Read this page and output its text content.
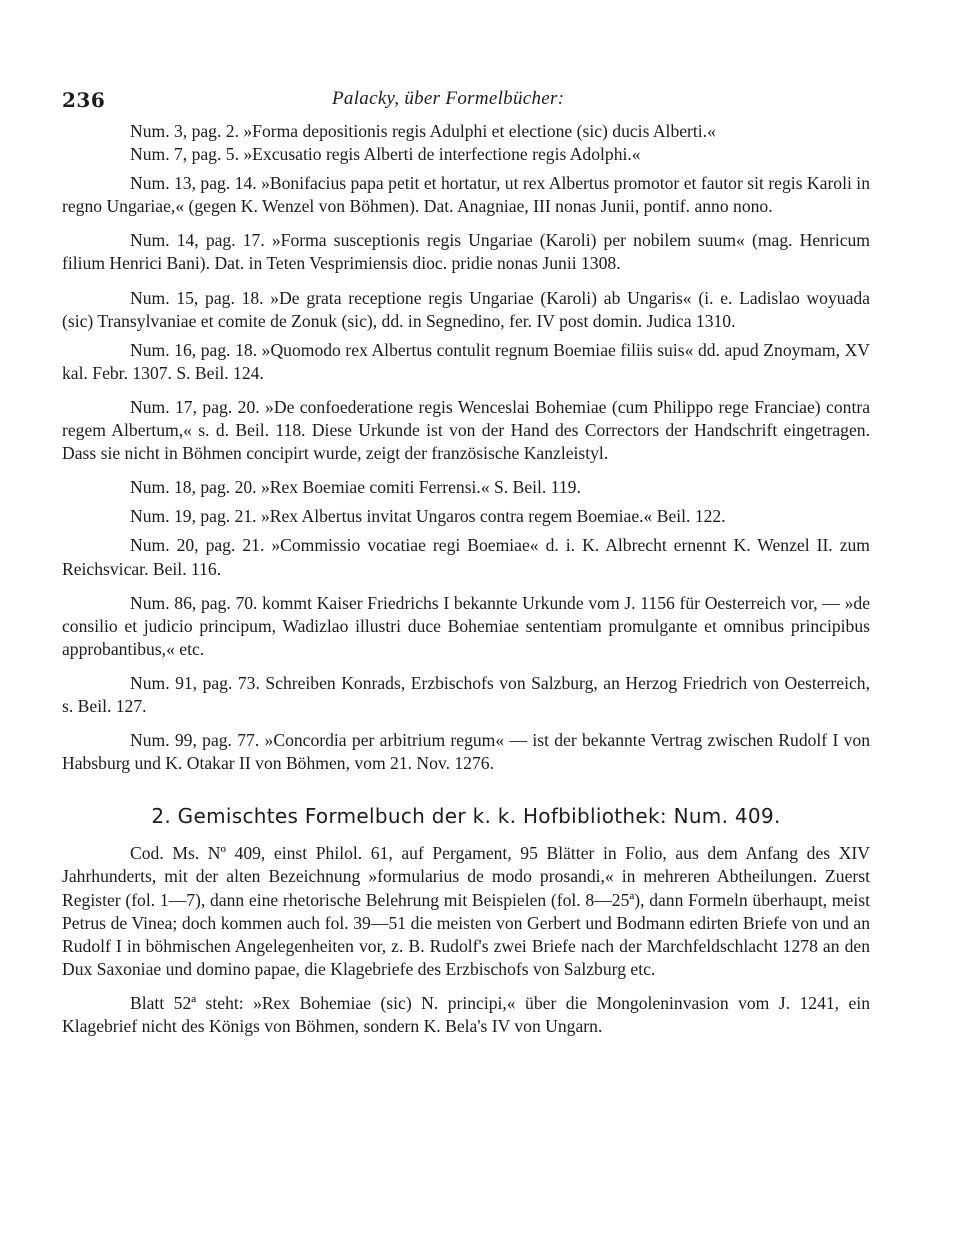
236	Palacky, über Formelbücher:

Num. 3, pag. 2. »Forma depositionis regis Adulphi et electione (sic) ducis Alberti.«

Num. 7, pag. 5. »Excusatio regis Alberti de interfectione regis Adolphi.«

Num. 13, pag. 14. »Bonifacius papa petit et hortatur, ut rex Albertus promotor et fautor sit regis Karoli in regno Ungariae,« (gegen K. Wenzel von Böhmen). Dat. Anagniae, III nonas Junii, pontif. anno nono.

Num. 14, pag. 17. »Forma susceptionis regis Ungariae (Karoli) per nobilem suum« (mag. Henricum filium Henrici Bani). Dat. in Teten Vesprimiensis dioc. pridie nonas Junii 1308.

Num. 15, pag. 18. »De grata receptione regis Ungariae (Karoli) ab Ungaris« (i. e. Ladislao woyuada (sic) Transylvaniae et comite de Zonuk (sic), dd. in Segnedino, fer. IV post domin. Judica 1310.

Num. 16, pag. 18. »Quomodo rex Albertus contulit regnum Boemiae filiis suis« dd. apud Znoymam, XV kal. Febr. 1307. S. Beil. 124.

Num. 17, pag. 20. »De confoederatione regis Wenceslai Bohemiae (cum Philippo rege Franciae) contra regem Albertum,« s. d. Beil. 118. Diese Urkunde ist von der Hand des Correctors der Handschrift eingetragen. Dass sie nicht in Böhmen concipirt wurde, zeigt der französische Kanzleistyl.

Num. 18, pag. 20. »Rex Boemiae comiti Ferrensi.« S. Beil. 119.

Num. 19, pag. 21. »Rex Albertus invitat Ungaros contra regem Boemiae.« Beil. 122.

Num. 20, pag. 21. »Commissio vocatiae regi Boemiae« d. i. K. Albrecht ernennt K. Wenzel II. zum Reichsvicar. Beil. 116.

Num. 86, pag. 70. kommt Kaiser Friedrichs I bekannte Urkunde vom J. 1156 für Oesterreich vor, — »de consilio et judicio principum, Wadizlao illustri duce Bohemiae sententiam promulgante et omnibus principibus approbantibus,« etc.

Num. 91, pag. 73. Schreiben Konrads, Erzbischofs von Salzburg, an Herzog Friedrich von Oesterreich, s. Beil. 127.

Num. 99, pag. 77. »Concordia per arbitrium regum« — ist der bekannte Vertrag zwischen Rudolf I von Habsburg und K. Otakar II von Böhmen, vom 21. Nov. 1276.

2. Gemischtes Formelbuch der k. k. Hofbibliothek: Num. 409.

Cod. Ms. Nº 409, einst Philol. 61, auf Pergament, 95 Blätter in Folio, aus dem Anfang des XIV Jahrhunderts, mit der alten Bezeichnung »formularius de modo prosandi,« in mehreren Abtheilungen. Zuerst Register (fol. 1—7), dann eine rhetorische Belehrung mit Beispielen (fol. 8—25ª), dann Formeln überhaupt, meist Petrus de Vinea; doch kommen auch fol. 39—51 die meisten von Gerbert und Bodmann edirten Briefe von und an Rudolf I in böhmischen Angelegenheiten vor, z. B. Rudolf's zwei Briefe nach der Marchfeldschlacht 1278 an den Dux Saxoniae und domino papae, die Klagebriefe des Erzbischofs von Salzburg etc.

Blatt 52ª steht: »Rex Bohemiae (sic) N. principi,« über die Mongoleninvasion vom J. 1241, ein Klagebrief nicht des Königs von Böhmen, sondern K. Bela's IV von Ungarn.
